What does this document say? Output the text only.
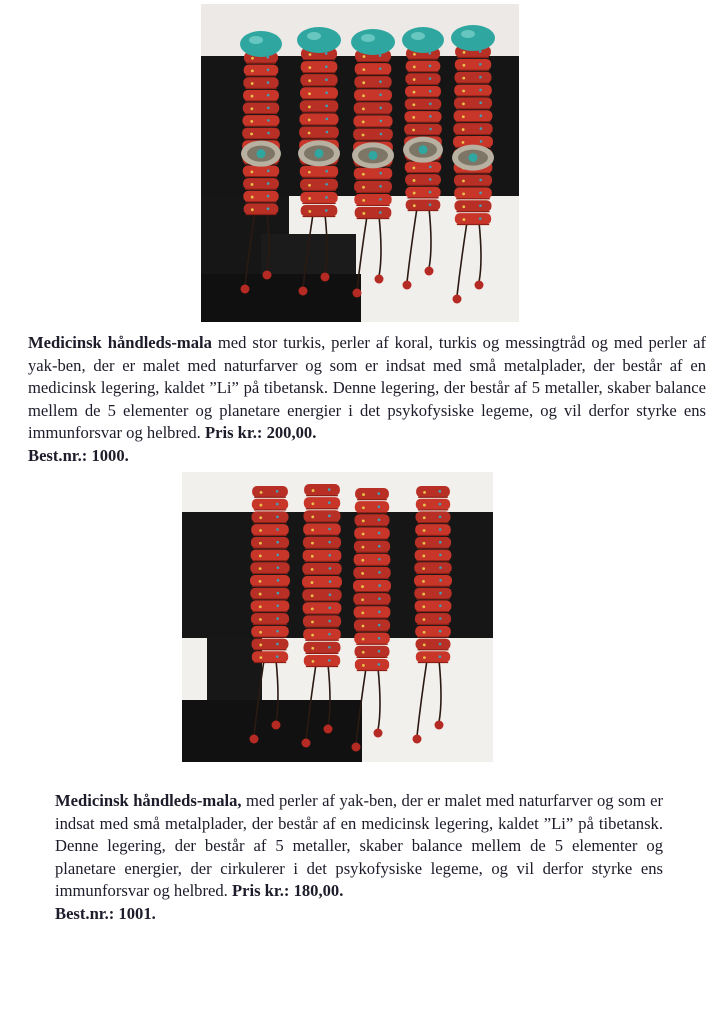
Medicinsk håndleds-mala med stor turkis, perler af koral, turkis og messingtråd og med perler af yak-ben, der er malet med naturfarver og som er indsat med små metalplader, der består af en medicinsk legering, kaldet ”Li” på tibetansk. Denne legering, der består af 5 metaller, skaber balance mellem de 5 elementer og planetare energier i det psykofysiske legeme, og vil derfor styrke ens immunforsvar og helbred. Pris kr.: 200,00.
Best.nr.: 1000.

Medicinsk håndleds-mala, med perler af yak-ben, der er malet med naturfarver og som er indsat med små metalplader, der består af en medicinsk legering, kaldet ”Li” på tibetansk. Denne legering, der består af 5 metaller, skaber balance mellem de 5 elementer og planetare energier, der cirkulerer i det psykofysiske legeme, og vil derfor styrke ens immunforsvar og helbred. Pris kr.: 180,00.
Best.nr.: 1001.
